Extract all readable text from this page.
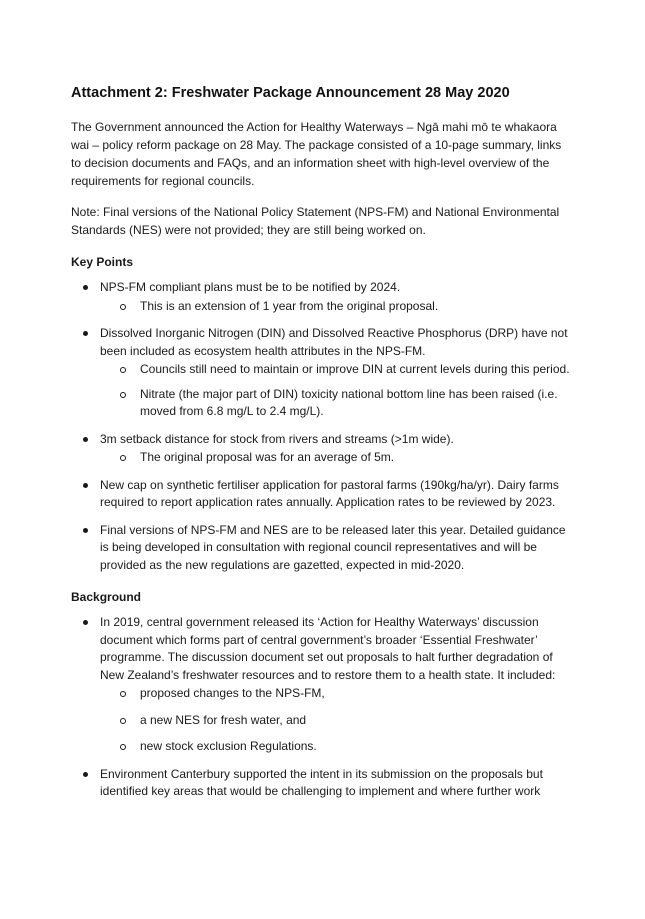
Attachment 2: Freshwater Package Announcement 28 May 2020

The Government announced the Action for Healthy Waterways – Ngā mahi mō te whakaora wai – policy reform package on 28 May. The package consisted of a 10-page summary, links to decision documents and FAQs, and an information sheet with high-level overview of the requirements for regional councils.

Note: Final versions of the National Policy Statement (NPS-FM) and National Environmental Standards (NES) were not provided; they are still being worked on.

Key Points
NPS-FM compliant plans must be to be notified by 2024.
This is an extension of 1 year from the original proposal.
Dissolved Inorganic Nitrogen (DIN) and Dissolved Reactive Phosphorus (DRP) have not been included as ecosystem health attributes in the NPS-FM.
Councils still need to maintain or improve DIN at current levels during this period.
Nitrate (the major part of DIN) toxicity national bottom line has been raised (i.e. moved from 6.8 mg/L to 2.4 mg/L).
3m setback distance for stock from rivers and streams (>1m wide).
The original proposal was for an average of 5m.
New cap on synthetic fertiliser application for pastoral farms (190kg/ha/yr). Dairy farms required to report application rates annually. Application rates to be reviewed by 2023.
Final versions of NPS-FM and NES are to be released later this year. Detailed guidance is being developed in consultation with regional council representatives and will be provided as the new regulations are gazetted, expected in mid-2020.
Background
In 2019, central government released its ‘Action for Healthy Waterways’ discussion document which forms part of central government’s broader ‘Essential Freshwater’ programme. The discussion document set out proposals to halt further degradation of New Zealand’s freshwater resources and to restore them to a health state. It included:
proposed changes to the NPS-FM,
a new NES for fresh water, and
new stock exclusion Regulations.
Environment Canterbury supported the intent in its submission on the proposals but identified key areas that would be challenging to implement and where further work
